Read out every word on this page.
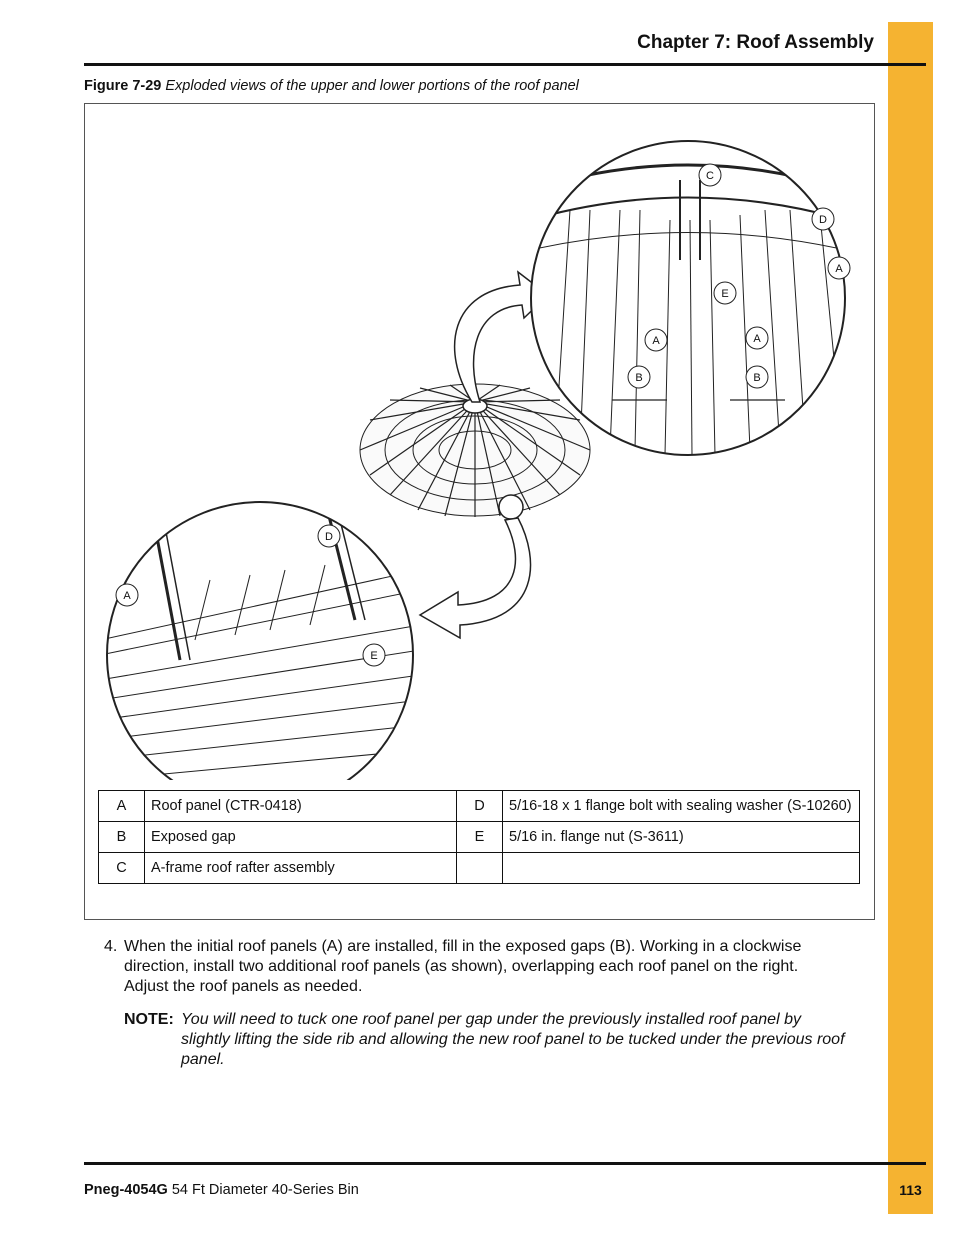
Chapter 7: Roof Assembly
Figure 7-29 Exploded views of the upper and lower portions of the roof panel
C
D
A
E
A	A
B	B
A
D
E
A	Roof panel (CTR-0418)	D	5/16-18 x 1 flange bolt with sealing washer (S-10260)
B	Exposed gap	E	5/16 in. flange nut (S-3611)
C	A-frame roof rafter assembly		
4. When the initial roof panels (A) are installed, fill in the exposed gaps (B). Working in a clockwise direction, install two additional roof panels (as shown), overlapping each roof panel on the right. Adjust the roof panels as needed.
NOTE: You will need to tuck one roof panel per gap under the previously installed roof panel by slightly lifting the side rib and allowing the new roof panel to be tucked under the previous roof panel.
Pneg-4054G 54 Ft Diameter 40-Series Bin	113
